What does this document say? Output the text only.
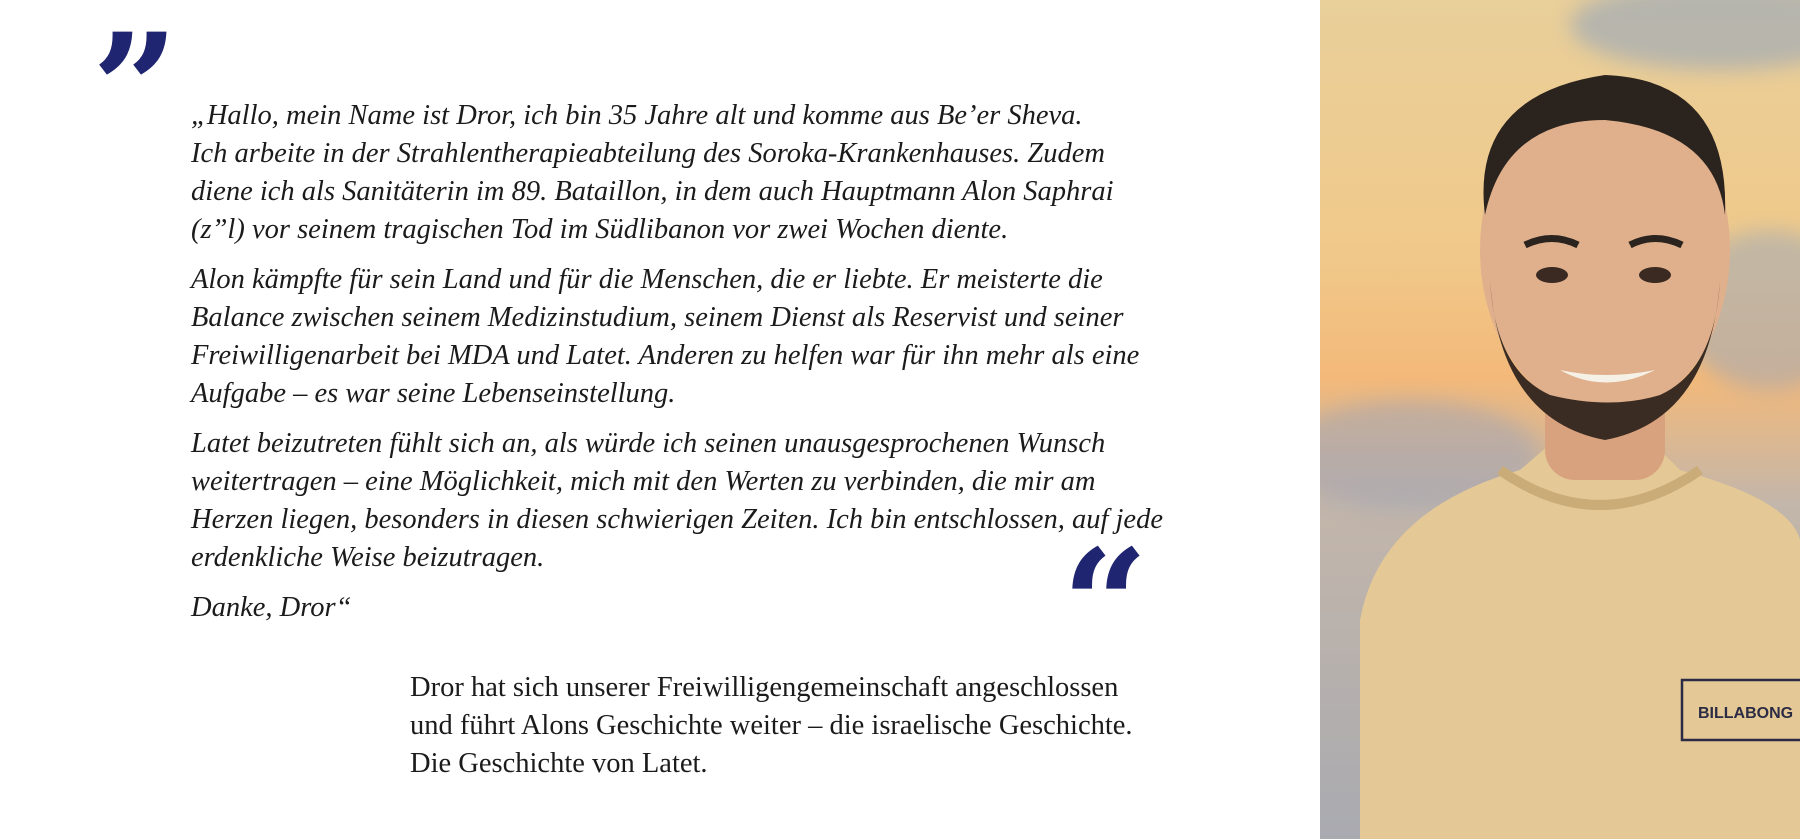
” „Hallo, mein Name ist Dror, ich bin 35 Jahre alt und komme aus Be’er Sheva.
Ich arbeite in der Strahlentherapieabteilung des Soroka-Krankenhauses. Zudem
diene ich als Sanitäterin im 89. Bataillon, in dem auch Hauptmann Alon Saphrai
(z”l) vor seinem tragischen Tod im Südlibanon vor zwei Wochen diente.

Alon kämpfte für sein Land und für die Menschen, die er liebte. Er meisterte die
Balance zwischen seinem Medizinstudium, seinem Dienst als Reservist und seiner
Freiwilligenarbeit bei MDA und Latet. Anderen zu helfen war für ihn mehr als eine
Aufgabe – es war seine Lebenseinstellung.

Latet beizutreten fühlt sich an, als würde ich seinen unausgesprochenen Wunsch
weitertragen – eine Möglichkeit, mich mit den Werten zu verbinden, die mir am
Herzen liegen, besonders in diesen schwierigen Zeiten. Ich bin entschlossen, auf jede
erdenkliche Weise beizutragen.

Danke, Dror“	“
Dror hat sich unserer Freiwilligengemeinschaft angeschlossen
und führt Alons Geschichte weiter – die israelische Geschichte.
Die Geschichte von Latet.
BILLABONG
